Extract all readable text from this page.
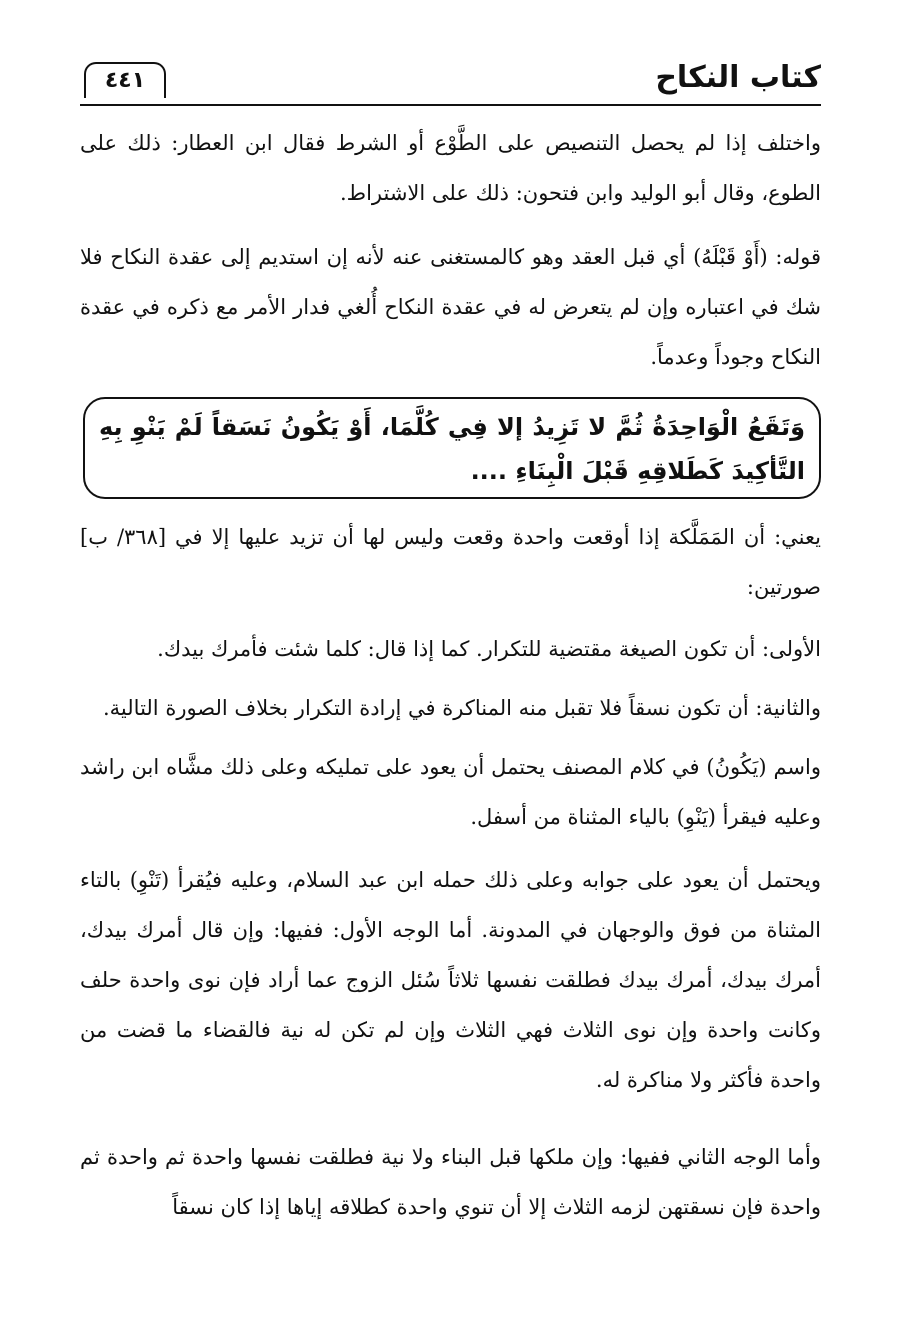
كتاب النكاح
٤٤١
واختلف إذا لم يحصل التنصيص على الطَّوْع أو الشرط فقال ابن العطار: ذلك على الطوع، وقال أبو الوليد وابن فتحون: ذلك على الاشتراط.
قوله: (أَوْ قَبْلَهُ) أي قبل العقد وهو كالمستغنى عنه لأنه إن استديم إلى عقدة النكاح فلا شك في اعتباره وإن لم يتعرض له في عقدة النكاح أُلغي فدار الأمر مع ذكره في عقدة النكاح وجوداً وعدماً.
وَتَقَعُ الْوَاحِدَةُ ثُمَّ لا تَزِيدُ إلا فِي كُلَّمَا، أَوْ يَكُونُ نَسَقاً لَمْ يَنْوِ بِهِ التَّأكِيدَ كَطَلاقِهِ قَبْلَ الْبِنَاءِ ....
يعني: أن المَمَلَّكة إذا أوقعت واحدة وقعت وليس لها أن تزيد عليها إلا في [٣٦٨/ ب] صورتين:
الأولى: أن تكون الصيغة مقتضية للتكرار. كما إذا قال: كلما شئت فأمرك بيدك.
والثانية: أن تكون نسقاً فلا تقبل منه المناكرة في إرادة التكرار بخلاف الصورة التالية.
واسم (يَكُونُ) في كلام المصنف يحتمل أن يعود على تمليكه وعلى ذلك مشَّاه ابن راشد وعليه فيقرأ (يَنْوِ) بالياء المثناة من أسفل.
ويحتمل أن يعود على جوابه وعلى ذلك حمله ابن عبد السلام، وعليه فيُقرأ (تَنْوِ) بالتاء المثناة من فوق والوجهان في المدونة. أما الوجه الأول: ففيها: وإن قال أمرك بيدك، أمرك بيدك، أمرك بيدك فطلقت نفسها ثلاثاً سُئل الزوج عما أراد فإن نوى واحدة حلف وكانت واحدة وإن نوى الثلاث فهي الثلاث وإن لم تكن له نية فالقضاء ما قضت من واحدة فأكثر ولا مناكرة له.
وأما الوجه الثاني ففيها: وإن ملكها قبل البناء ولا نية فطلقت نفسها واحدة ثم واحدة ثم واحدة فإن نسقتهن لزمه الثلاث إلا أن تنوي واحدة كطلاقه إياها إذا كان نسقاً
